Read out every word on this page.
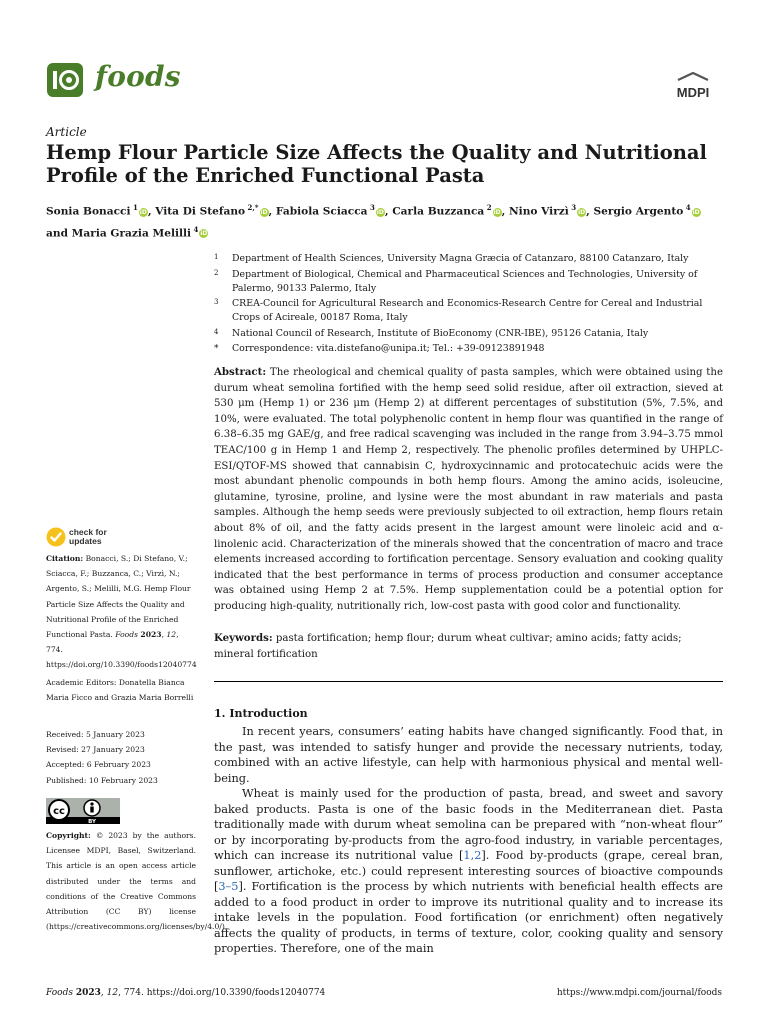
foods	MDPI
Article
Hemp Flour Particle Size Affects the Quality and Nutritional Profile of the Enriched Functional Pasta
Sonia Bonacci $^1$iD, Vita Di Stefano $^{2,*}$iD, Fabiola Sciacca $^3$iD, Carla Buzzanca $^2$iD, Nino Virzì $^3$iD, Sergio Argento $^4$iD
and Maria Grazia Melilli $^4$iD
1 Department of Health Sciences, University Magna Græcia of Catanzaro, 88100 Catanzaro, Italy
2 Department of Biological, Chemical and Pharmaceutical Sciences and Technologies, University of Palermo, 90133 Palermo, Italy
3 CREA-Council for Agricultural Research and Economics-Research Centre for Cereal and Industrial Crops of Acireale, 00187 Roma, Italy
4 National Council of Research, Institute of BioEconomy (CNR-IBE), 95126 Catania, Italy
* Correspondence: vita.distefano@unipa.it; Tel.: +39-09123891948
Abstract: The rheological and chemical quality of pasta samples, which were obtained using the durum wheat semolina fortified with the hemp seed solid residue, after oil extraction, sieved at 530 μm (Hemp 1) or 236 μm (Hemp 2) at different percentages of substitution (5%, 7.5%, and 10%, were evaluated. The total polyphenolic content in hemp flour was quantified in the range of 6.38–6.35 mg GAE/g, and free radical scavenging was included in the range from 3.94–3.75 mmol TEAC/100 g in Hemp 1 and Hemp 2, respectively. The phenolic profiles determined by UHPLC-ESI/QTOF-MS showed that cannabisin C, hydroxycinnamic and protocatechuic acids were the most abundant phenolic compounds in both hemp flours. Among the amino acids, isoleucine, glutamine, tyrosine, proline, and lysine were the most abundant in raw materials and pasta samples. Although the hemp seeds were previously subjected to oil extraction, hemp flours retain about 8% of oil, and the fatty acids present in the largest amount were linoleic acid and α-linolenic acid. Characterization of the minerals showed that the concentration of macro and trace elements increased according to fortification percentage. Sensory evaluation and cooking quality indicated that the best performance in terms of process production and consumer acceptance was obtained using Hemp 2 at 7.5%. Hemp supplementation could be a potential option for producing high-quality, nutritionally rich, low-cost pasta with good color and functionality.
Keywords: pasta fortification; hemp flour; durum wheat cultivar; amino acids; fatty acids; mineral fortification
1. Introduction

In recent years, consumers’ eating habits have changed significantly. Food that, in the past, was intended to satisfy hunger and provide the necessary nutrients, today, combined with an active lifestyle, can help with harmonious physical and mental well-being.

Wheat is mainly used for the production of pasta, bread, and sweet and savory baked products. Pasta is one of the basic foods in the Mediterranean diet. Pasta traditionally made with durum wheat semolina can be prepared with “non-wheat flour” or by incorporating by-products from the agro-food industry, in variable percentages, which can increase its nutritional value [1,2]. Food by-products (grape, cereal bran, sunflower, artichoke, etc.) could represent interesting sources of bioactive compounds [3–5]. Fortification is the process by which nutrients with beneficial health effects are added to a food product in order to improve its nutritional quality and to increase its intake levels in the population. Food fortification (or enrichment) often negatively affects the quality of products, in terms of texture, color, cooking quality and sensory properties. Therefore, one of the main

check for
updates
Citation: Bonacci, S.; Di Stefano, V.; Sciacca, F.; Buzzanca, C.; Virzì, N.; Argento, S.; Melilli, M.G. Hemp Flour Particle Size Affects the Quality and Nutritional Profile of the Enriched Functional Pasta. Foods 2023, 12, 774. https://doi.org/10.3390/foods12040774
Academic Editors: Donatella Bianca Maria Ficco and Grazia Maria Borrelli
Received: 5 January 2023
Revised: 27 January 2023
Accepted: 6 February 2023
Published: 10 February 2023
cc
BY
Copyright: © 2023 by the authors. Licensee MDPI, Basel, Switzerland. This article is an open access article distributed under the terms and conditions of the Creative Commons Attribution (CC BY) license (https://creativecommons.org/licenses/by/4.0/).
Foods 2023, 12, 774. https://doi.org/10.3390/foods12040774	https://www.mdpi.com/journal/foods
